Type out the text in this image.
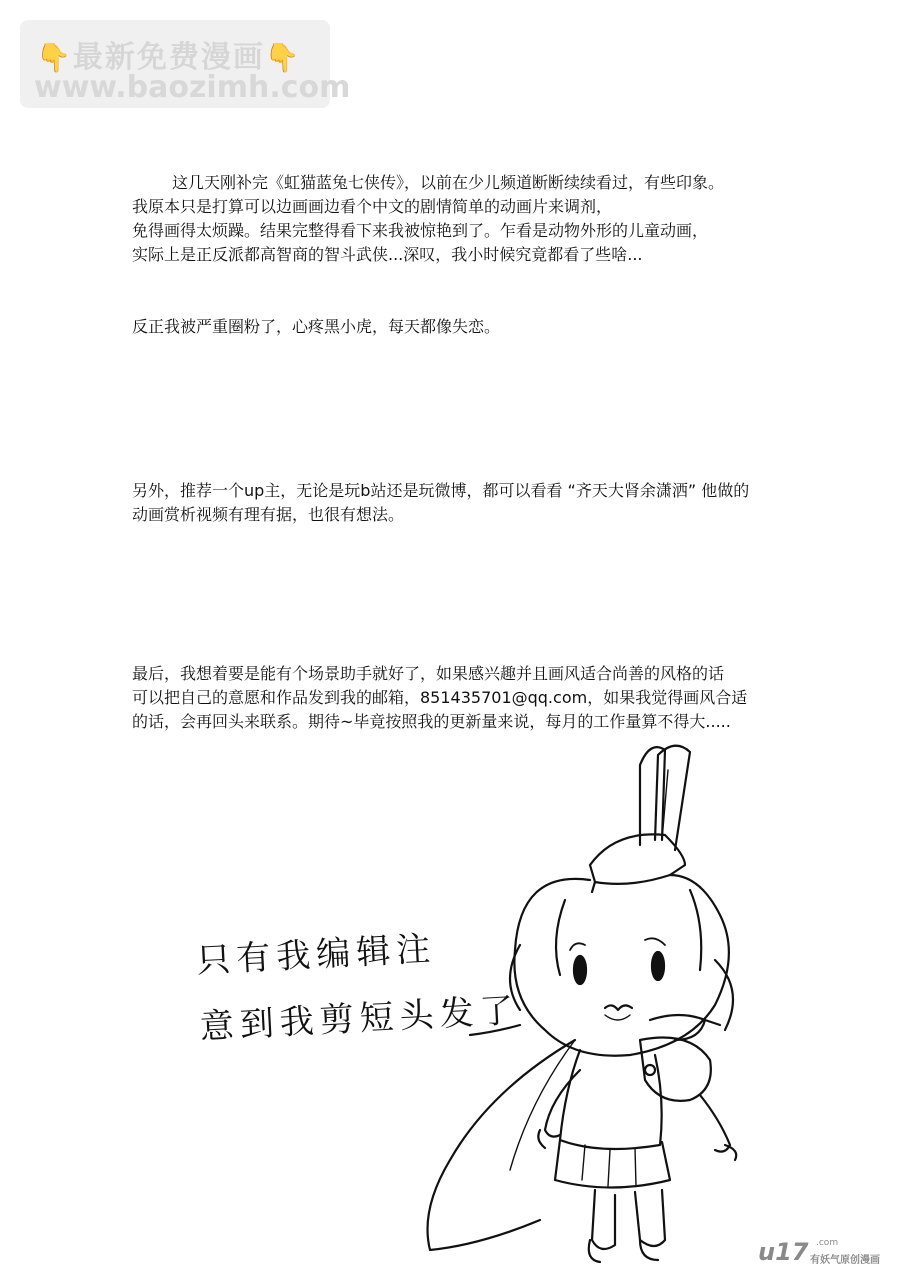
👇最新免费漫画👇
www.baozimh.com

这几天刚补完《虹猫蓝兔七侠传》，以前在少儿频道断断续续看过，有些印象。

我原本只是打算可以边画画边看个中文的剧情简单的动画片来调剂，

免得画得太烦躁。结果完整得看下来我被惊艳到了。乍看是动物外形的儿童动画，

实际上是正反派都高智商的智斗武侠...深叹，我小时候究竟都看了些啥...

反正我被严重圈粉了，心疼黑小虎，每天都像失恋。

另外，推荐一个up主，无论是玩b站还是玩微博，都可以看看 “齐天大肾余潇洒” 他做的

动画赏析视频有理有据，也很有想法。

最后，我想着要是能有个场景助手就好了，如果感兴趣并且画风适合尚善的风格的话

可以把自己的意愿和作品发到我的邮箱，851435701@qq.com，如果我觉得画风合适

的话，会再回头来联系。期待~毕竟按照我的更新量来说，每月的工作量算不得大.....

只有我编辑注
意到我剪短头发了
u17 .com
有妖气原创漫画
